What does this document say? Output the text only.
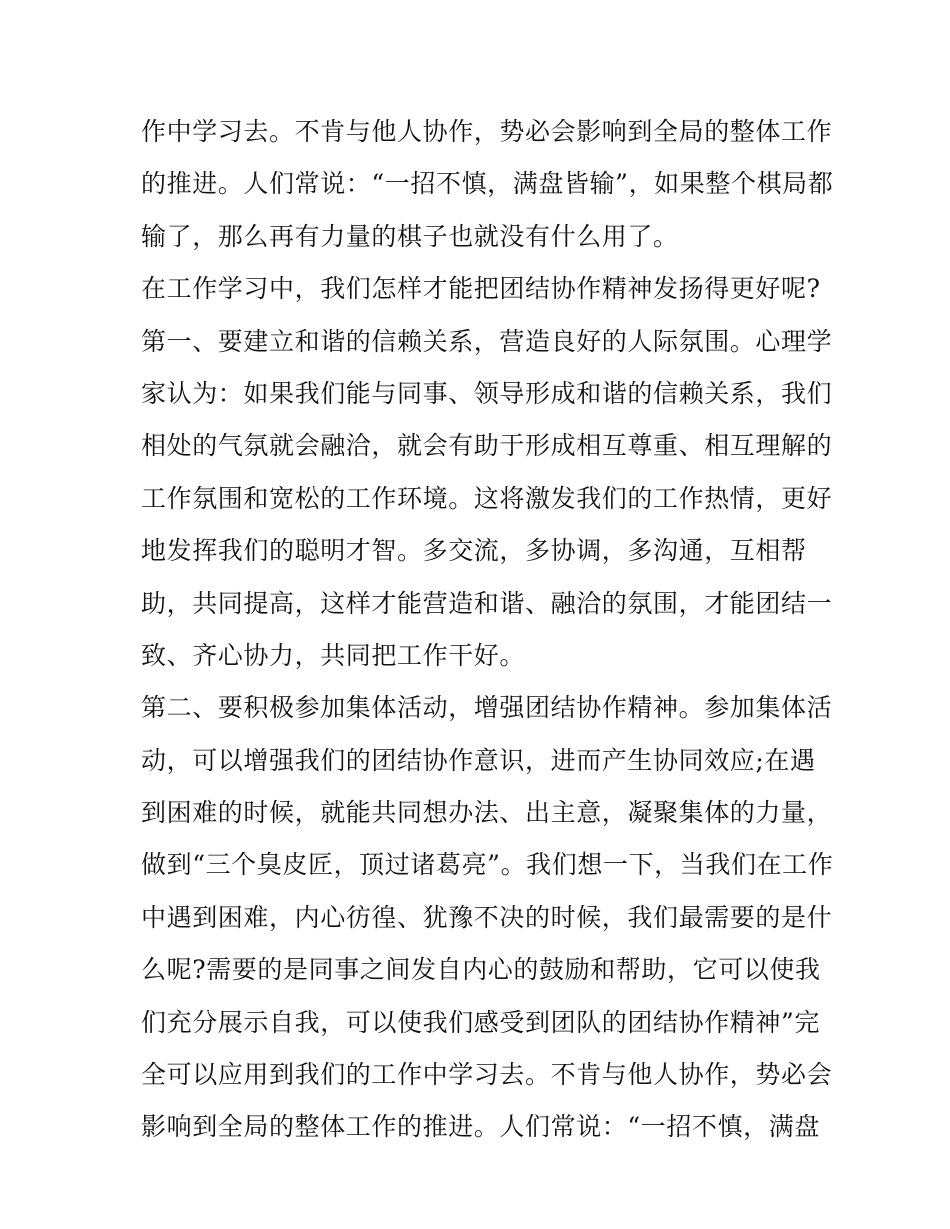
作中学习去。不肯与他人协作，势必会影响到全局的整体工作
的推进。人们常说：“一招不慎，满盘皆输”，如果整个棋局都
输了，那么再有力量的棋子也就没有什么用了。
在工作学习中，我们怎样才能把团结协作精神发扬得更好呢?
第一、要建立和谐的信赖关系，营造良好的人际氛围。心理学
家认为：如果我们能与同事、领导形成和谐的信赖关系，我们
相处的气氛就会融洽，就会有助于形成相互尊重、相互理解的
工作氛围和宽松的工作环境。这将激发我们的工作热情，更好
地发挥我们的聪明才智。多交流，多协调，多沟通，互相帮
助，共同提高，这样才能营造和谐、融洽的氛围，才能团结一
致、齐心协力，共同把工作干好。
第二、要积极参加集体活动，增强团结协作精神。参加集体活
动，可以增强我们的团结协作意识，进而产生协同效应;在遇
到困难的时候，就能共同想办法、出主意，凝聚集体的力量，
做到“三个臭皮匠，顶过诸葛亮”。我们想一下，当我们在工作
中遇到困难，内心彷徨、犹豫不决的时候，我们最需要的是什
么呢?需要的是同事之间发自内心的鼓励和帮助，它可以使我
们充分展示自我，可以使我们感受到团队的团结协作精神”完
全可以应用到我们的工作中学习去。不肯与他人协作，势必会
影响到全局的整体工作的推进。人们常说：“一招不慎，满盘
